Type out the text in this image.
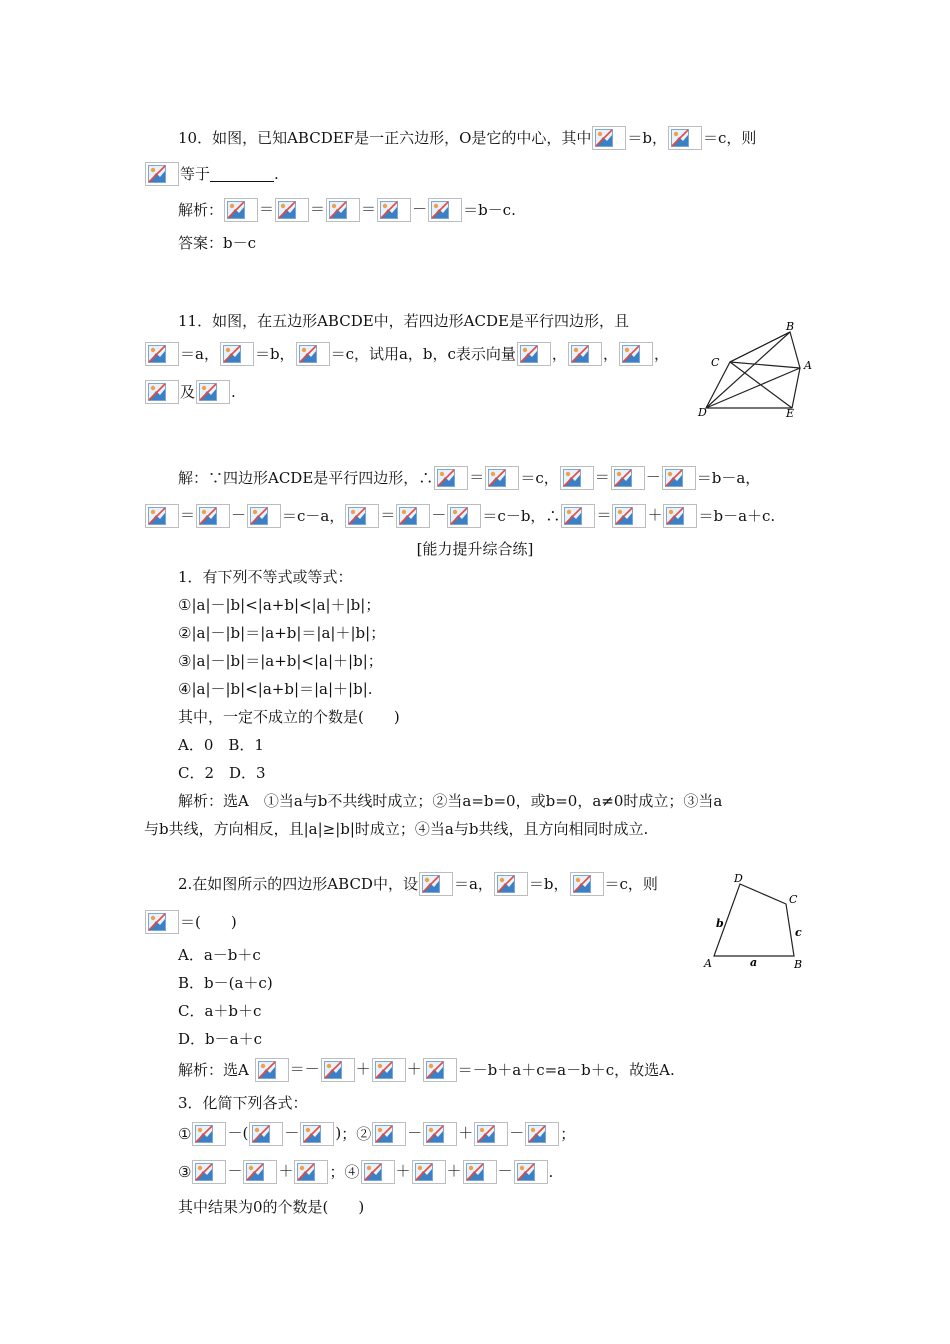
10．如图，已知ABCDEF是一正六边形，O是它的中心，其中 ＝b， ＝c，则
等于	.
解析： ＝ ＝ ＝ － ＝b－c.
答案：b－c
11．如图，在五边形ABCDE中，若四边形ACDE是平行四边形，且
＝a， ＝b， ＝c，试用a，b，c表示向量 ， ， ，
及 .
B
C	A
D	E
解：∵四边形ACDE是平行四边形，∴ ＝ ＝c， ＝ － ＝b－a，
＝ － ＝c－a， ＝ － ＝c－b，∴ ＝ ＋ ＝b－a＋c.
[能力提升综合练]
1．有下列不等式或等式：
①|a|－|b|<|a+b|<|a|＋|b|；
②|a|－|b|＝|a+b|＝|a|＋|b|；
③|a|－|b|＝|a+b|<|a|＋|b|；
④|a|－|b|<|a+b|＝|a|＋|b|.
其中，一定不成立的个数是(　　)
A．0　B．1
C．2　D．3
解析：选A　①当a与b不共线时成立；②当a=b=0，或b=0，a≠0时成立；③当a
与b共线，方向相反，且|a|≥|b|时成立；④当a与b共线，且方向相同时成立.
2.在如图所示的四边形ABCD中，设 ＝a， ＝b， ＝c，则
＝(　　)
A．a－b＋c
B．b－(a＋c)
C．a＋b＋c
D．b－a＋c
D
C
b
c
A	a	B
解析：选A	＝－ ＋ ＋ ＝－b＋a＋c=a－b＋c，故选A.
3．化简下列各式：
① －( － )；② － ＋ － ；
③ － ＋ ；④ ＋ ＋ － .
其中结果为0的个数是(　　)
